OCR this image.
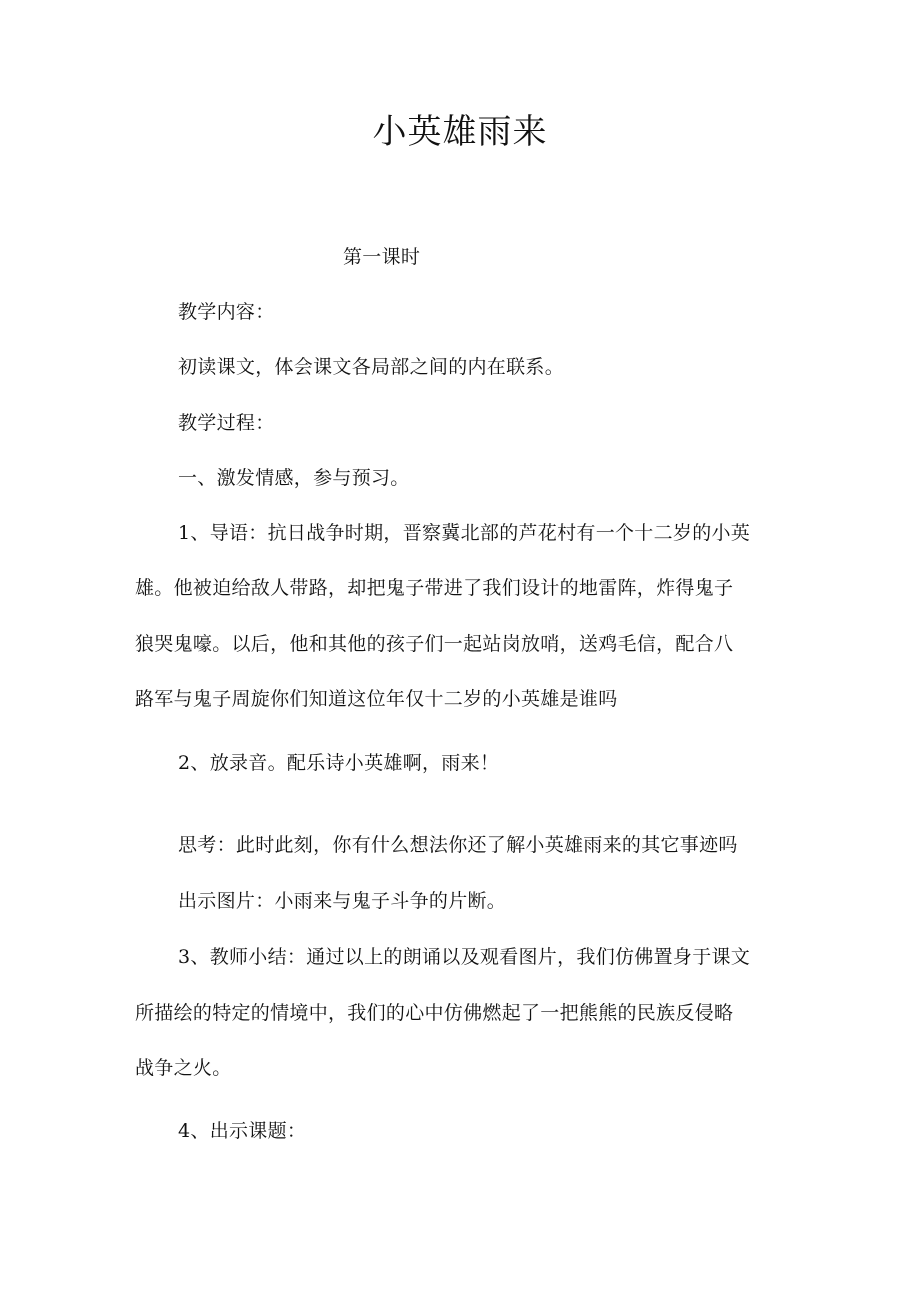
小英雄雨来
第一课时
教学内容：
初读课文，体会课文各局部之间的内在联系。
教学过程：
一、激发情感，参与预习。
1、导语：抗日战争时期，晋察冀北部的芦花村有一个十二岁的小英
雄。他被迫给敌人带路，却把鬼子带进了我们设计的地雷阵，炸得鬼子
狼哭鬼嚎。以后，他和其他的孩子们一起站岗放哨，送鸡毛信，配合八
路军与鬼子周旋你们知道这位年仅十二岁的小英雄是谁吗
2、放录音。配乐诗小英雄啊，雨来！
思考：此时此刻，你有什么想法你还了解小英雄雨来的其它事迹吗
出示图片：小雨来与鬼子斗争的片断。
3、教师小结：通过以上的朗诵以及观看图片，我们仿佛置身于课文
所描绘的特定的情境中，我们的心中仿佛燃起了一把熊熊的民族反侵略
战争之火。
4、出示课题：
